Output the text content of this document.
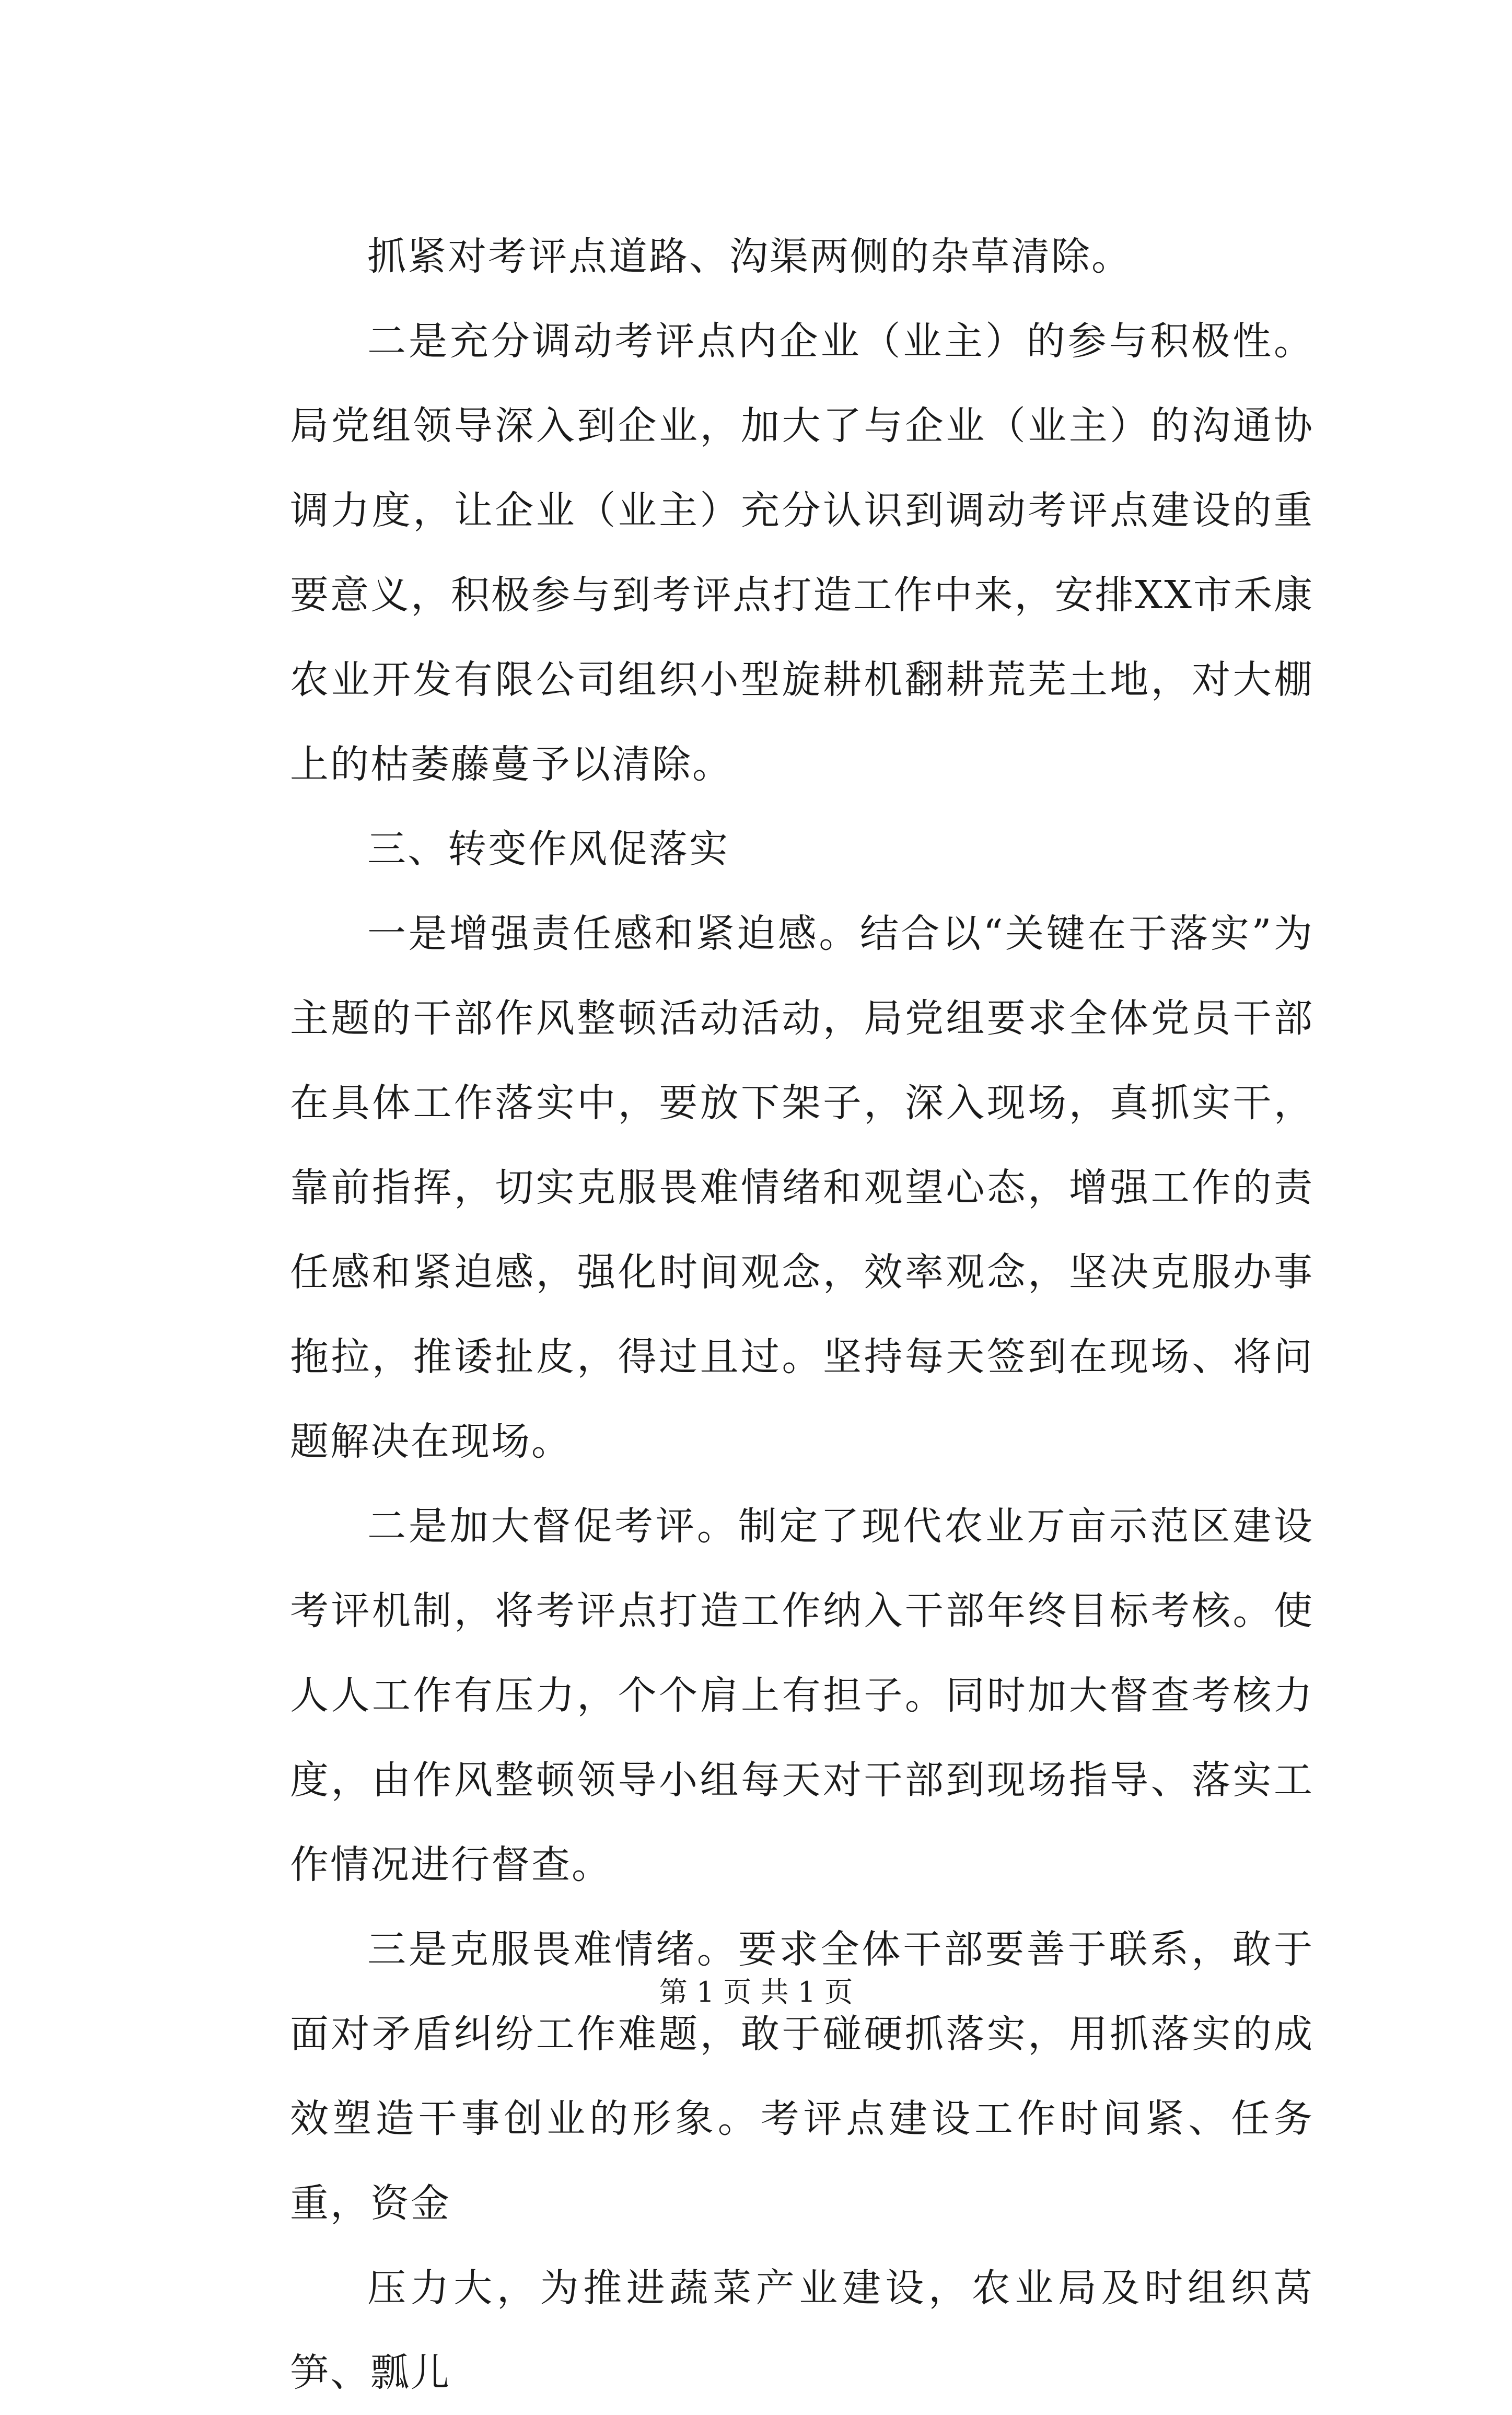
抓紧对考评点道路、沟渠两侧的杂草清除。

二是充分调动考评点内企业（业主）的参与积极性。局党组领导深入到企业，加大了与企业（业主）的沟通协调力度，让企业（业主）充分认识到调动考评点建设的重要意义，积极参与到考评点打造工作中来，安排XX市禾康农业开发有限公司组织小型旋耕机翻耕荒芜土地，对大棚上的枯萎藤蔓予以清除。

三、转变作风促落实

一是增强责任感和紧迫感。结合以“关键在于落实”为主题的干部作风整顿活动活动，局党组要求全体党员干部在具体工作落实中，要放下架子，深入现场，真抓实干，靠前指挥，切实克服畏难情绪和观望心态，增强工作的责任感和紧迫感，强化时间观念，效率观念，坚决克服办事拖拉，推诿扯皮，得过且过。坚持每天签到在现场、将问题解决在现场。

二是加大督促考评。制定了现代农业万亩示范区建设考评机制，将考评点打造工作纳入干部年终目标考核。使人人工作有压力，个个肩上有担子。同时加大督查考核力度，由作风整顿领导小组每天对干部到现场指导、落实工作情况进行督查。

三是克服畏难情绪。要求全体干部要善于联系，敢于面对矛盾纠纷工作难题，敢于碰硬抓落实，用抓落实的成效塑造干事创业的形象。考评点建设工作时间紧、任务重，资金

压力大，为推进蔬菜产业建设，农业局及时组织莴笋、瓢儿

第 1 页 共 1 页
